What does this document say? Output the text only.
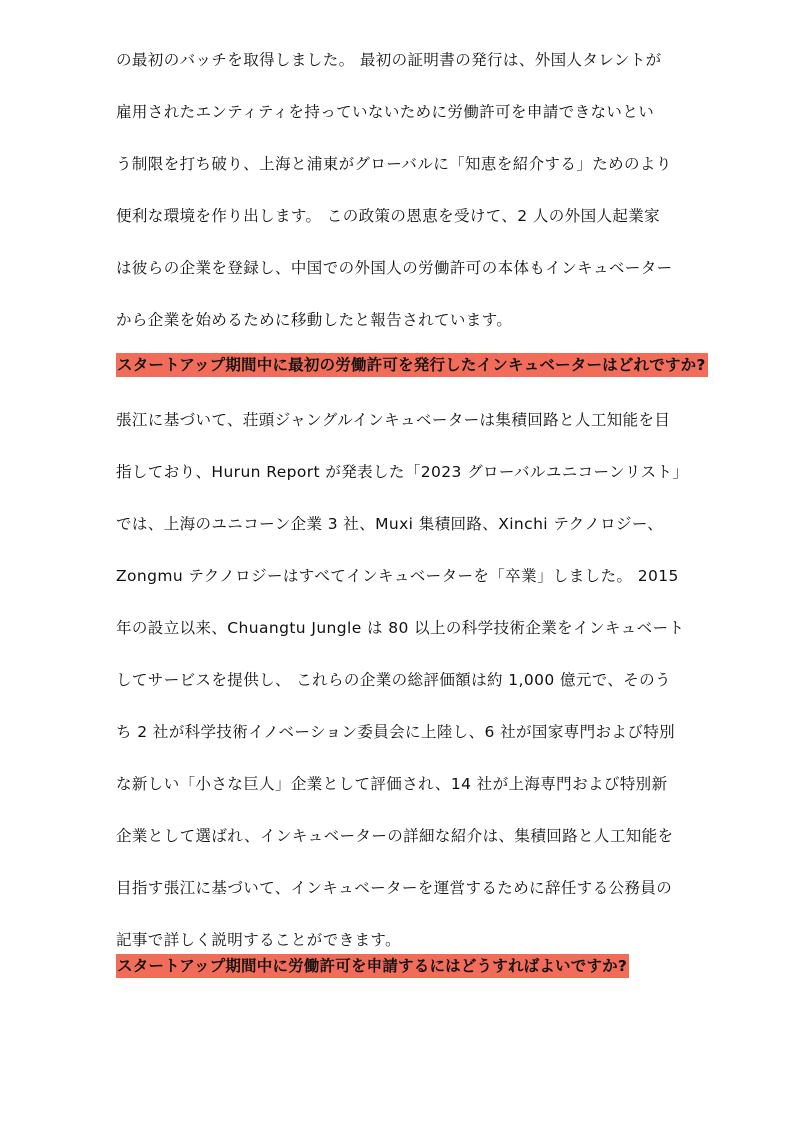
の最初のバッチを取得しました。 最初の証明書の発行は、外国人タレントが
雇用されたエンティティを持っていないために労働許可を申請できないとい
う制限を打ち破り、上海と浦東がグローバルに「知恵を紹介する」ためのより
便利な環境を作り出します。 この政策の恩恵を受けて、2 人の外国人起業家
は彼らの企業を登録し、中国での外国人の労働許可の本体もインキュベーター
から企業を始めるために移動したと報告されています。
スタートアップ期間中に最初の労働許可を発行したインキュベーターはどれですか?
張江に基づいて、荘頭ジャングルインキュベーターは集積回路と人工知能を目
指しており、Hurun Report が発表した「2023 グローバルユニコーンリスト」
では、上海のユニコーン企業 3 社、Muxi 集積回路、Xinchi テクノロジー、
Zongmu テクノロジーはすべてインキュベーターを「卒業」しました。 2015
年の設立以来、Chuangtu Jungle は 80 以上の科学技術企業をインキュベート
してサービスを提供し、 これらの企業の総評価額は約 1,000 億元で、そのう
ち 2 社が科学技術イノベーション委員会に上陸し、6 社が国家専門および特別
な新しい「小さな巨人」企業として評価され、14 社が上海専門および特別新
企業として選ばれ、インキュベーターの詳細な紹介は、集積回路と人工知能を
目指す張江に基づいて、インキュベーターを運営するために辞任する公務員の
記事で詳しく説明することができます。
スタートアップ期間中に労働許可を申請するにはどうすればよいですか?
